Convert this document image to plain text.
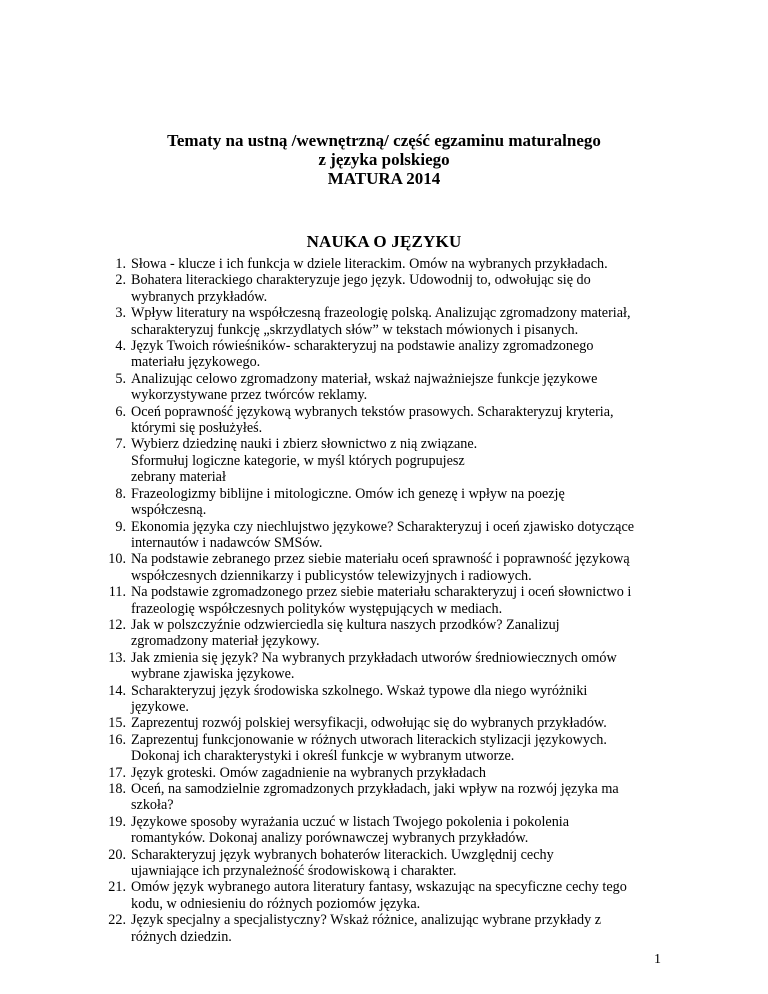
Tematy na ustną /wewnętrzną/ część egzaminu maturalnego
z języka polskiego
MATURA 2014
NAUKA O JĘZYKU
1. Słowa - klucze i ich funkcja w dziele literackim. Omów na wybranych przykładach.
2. Bohatera literackiego charakteryzuje jego język. Udowodnij to, odwołując się do
wybranych przykładów.
3. Wpływ literatury na współczesną frazeologię polską. Analizując zgromadzony materiał,
scharakteryzuj funkcję „skrzydlatych słów” w tekstach mówionych i pisanych.
4. Język Twoich rówieśników- scharakteryzuj na podstawie analizy zgromadzonego
materiału językowego.
5. Analizując celowo zgromadzony materiał, wskaż najważniejsze funkcje językowe
wykorzystywane przez twórców reklamy.
6. Oceń poprawność językową wybranych tekstów prasowych. Scharakteryzuj kryteria,
którymi się posłużyłeś.
7. Wybierz dziedzinę nauki i zbierz słownictwo z nią związane.
Sformułuj logiczne kategorie, w myśl których pogrupujesz
zebrany materiał
8. Frazeologizmy biblijne i mitologiczne. Omów ich genezę i wpływ na poezję
współczesną.
9. Ekonomia języka czy niechlujstwo językowe? Scharakteryzuj i oceń zjawisko dotyczące
internautów i nadawców SMSów.
10. Na podstawie zebranego przez siebie materiału oceń sprawność i poprawność językową
współczesnych dziennikarzy i publicystów telewizyjnych i radiowych.
11. Na podstawie zgromadzonego przez siebie materiału scharakteryzuj i oceń słownictwo i
frazeologię współczesnych polityków występujących w mediach.
12. Jak w polszczyźnie odzwierciedla się kultura naszych przodków? Zanalizuj
zgromadzony materiał językowy.
13. Jak zmienia się język? Na wybranych przykładach utworów średniowiecznych omów
wybrane zjawiska językowe.
14. Scharakteryzuj język środowiska szkolnego. Wskaż typowe dla niego wyróżniki
językowe.
15. Zaprezentuj rozwój polskiej wersyfikacji, odwołując się do wybranych przykładów.
16. Zaprezentuj funkcjonowanie w różnych utworach literackich stylizacji językowych.
Dokonaj ich charakterystyki i określ funkcje w wybranym utworze.
17. Język groteski. Omów zagadnienie na wybranych przykładach
18. Oceń, na samodzielnie zgromadzonych przykładach, jaki wpływ na rozwój języka ma
szkoła?
19. Językowe sposoby wyrażania uczuć w listach Twojego pokolenia i pokolenia
romantyków. Dokonaj analizy porównawczej wybranych przykładów.
20. Scharakteryzuj język wybranych bohaterów literackich. Uwzględnij cechy
ujawniające ich przynależność środowiskową i charakter.
21. Omów język wybranego autora literatury fantasy, wskazując na specyficzne cechy tego
kodu, w odniesieniu do różnych poziomów języka.
22. Język specjalny a specjalistyczny? Wskaż różnice, analizując wybrane przykłady z
różnych dziedzin.
1
